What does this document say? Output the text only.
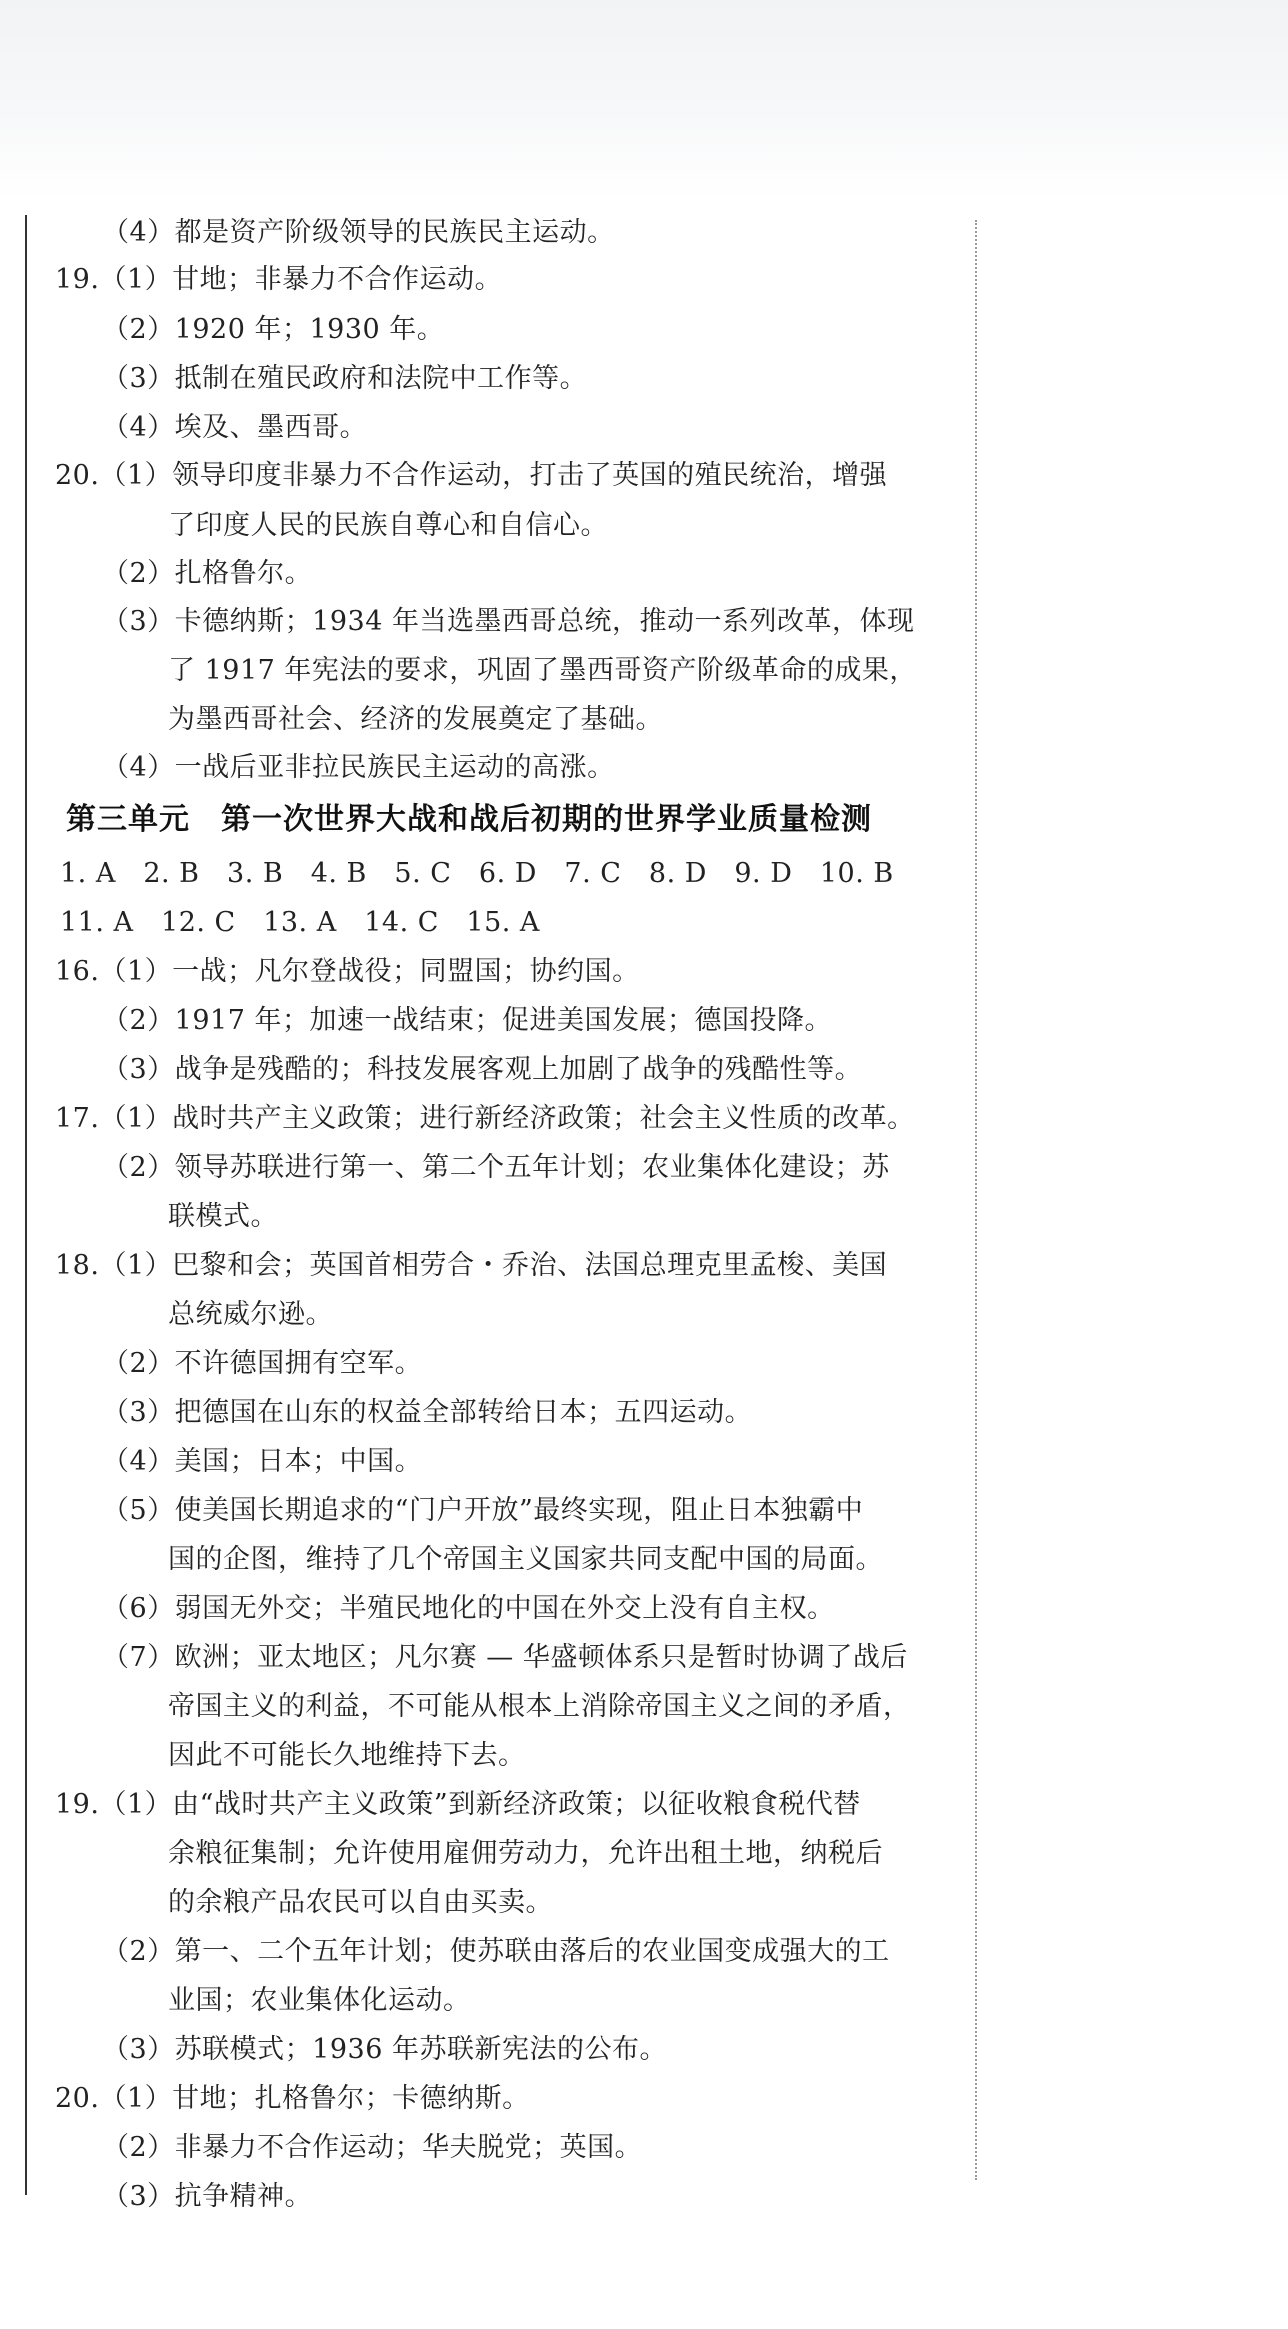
（4）都是资产阶级领导的民族民主运动。
19.（1）甘地；非暴力不合作运动。
（2）1920 年；1930 年。
（3）抵制在殖民政府和法院中工作等。
（4）埃及、墨西哥。
20.（1）领导印度非暴力不合作运动，打击了英国的殖民统治，增强
了印度人民的民族自尊心和自信心。
（2）扎格鲁尔。
（3）卡德纳斯；1934 年当选墨西哥总统，推动一系列改革，体现
了 1917 年宪法的要求，巩固了墨西哥资产阶级革命的成果，
为墨西哥社会、经济的发展奠定了基础。
（4）一战后亚非拉民族民主运动的高涨。
第三单元　第一次世界大战和战后初期的世界学业质量检测
1. A　2. B　3. B　4. B　5. C　6. D　7. C　8. D　9. D　10. B
11. A　12. C　13. A　14. C　15. A
16.（1）一战；凡尔登战役；同盟国；协约国。
（2）1917 年；加速一战结束；促进美国发展；德国投降。
（3）战争是残酷的；科技发展客观上加剧了战争的残酷性等。
17.（1）战时共产主义政策；进行新经济政策；社会主义性质的改革。
（2）领导苏联进行第一、第二个五年计划；农业集体化建设；苏
联模式。
18.（1）巴黎和会；英国首相劳合・乔治、法国总理克里孟梭、美国
总统威尔逊。
（2）不许德国拥有空军。
（3）把德国在山东的权益全部转给日本；五四运动。
（4）美国；日本；中国。
（5）使美国长期追求的“门户开放”最终实现，阻止日本独霸中
国的企图，维持了几个帝国主义国家共同支配中国的局面。
（6）弱国无外交；半殖民地化的中国在外交上没有自主权。
（7）欧洲；亚太地区；凡尔赛 — 华盛顿体系只是暂时协调了战后
帝国主义的利益，不可能从根本上消除帝国主义之间的矛盾，
因此不可能长久地维持下去。
19.（1）由“战时共产主义政策”到新经济政策；以征收粮食税代替
余粮征集制；允许使用雇佣劳动力，允许出租土地，纳税后
的余粮产品农民可以自由买卖。
（2）第一、二个五年计划；使苏联由落后的农业国变成强大的工
业国；农业集体化运动。
（3）苏联模式；1936 年苏联新宪法的公布。
20.（1）甘地；扎格鲁尔；卡德纳斯。
（2）非暴力不合作运动；华夫脱党；英国。
（3）抗争精神。
